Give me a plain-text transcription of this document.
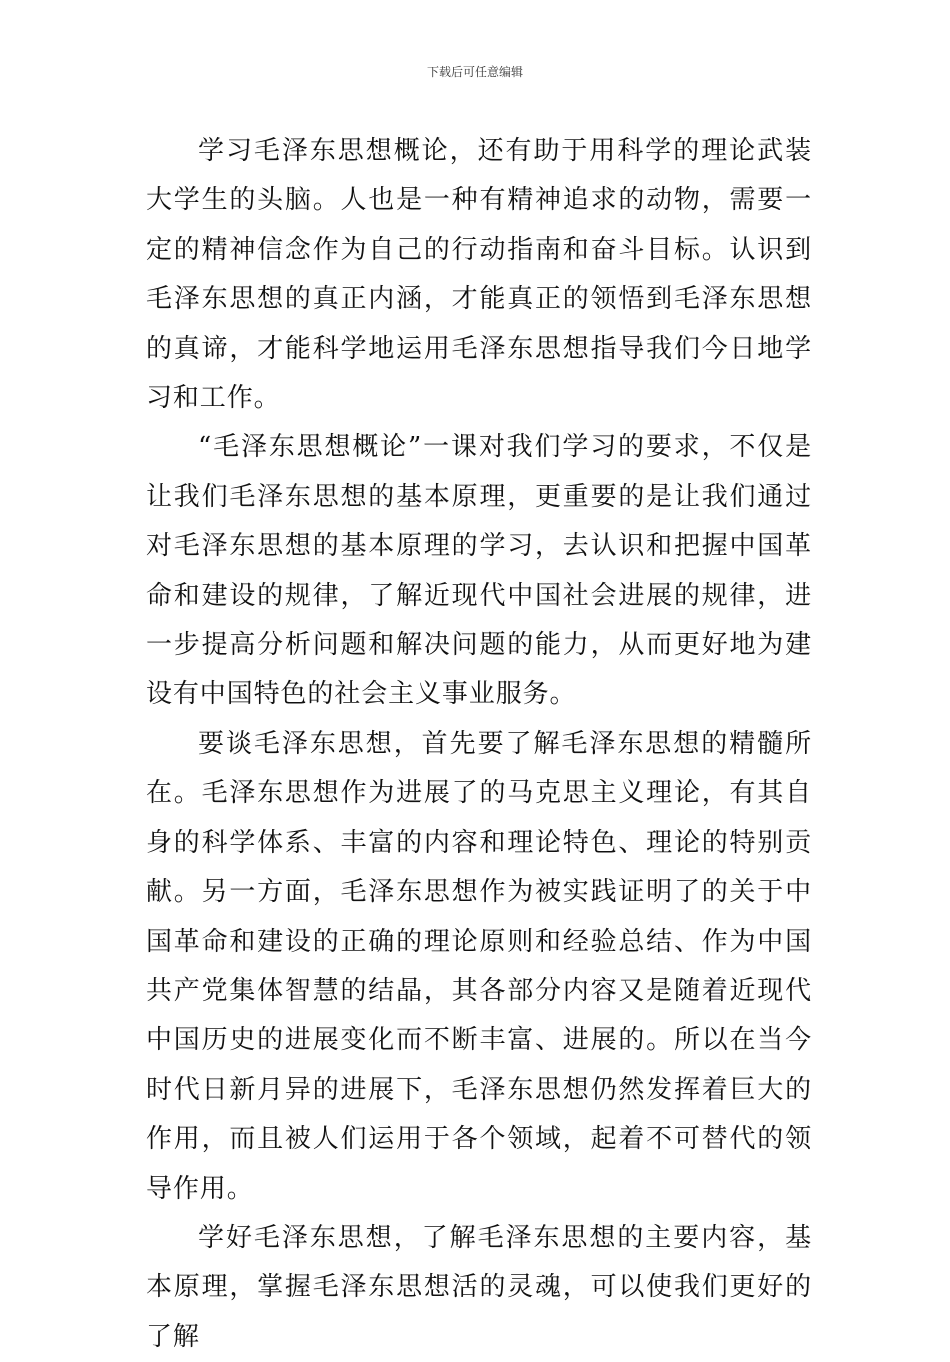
下载后可任意编辑

学习毛泽东思想概论，还有助于用科学的理论武装大学生的头脑。人也是一种有精神追求的动物，需要一定的精神信念作为自己的行动指南和奋斗目标。认识到毛泽东思想的真正内涵，才能真正的领悟到毛泽东思想的真谛，才能科学地运用毛泽东思想指导我们今日地学习和工作。

“毛泽东思想概论”一课对我们学习的要求，不仅是让我们毛泽东思想的基本原理，更重要的是让我们通过对毛泽东思想的基本原理的学习，去认识和把握中国革命和建设的规律，了解近现代中国社会进展的规律，进一步提高分析问题和解决问题的能力，从而更好地为建设有中国特色的社会主义事业服务。

要谈毛泽东思想，首先要了解毛泽东思想的精髓所在。毛泽东思想作为进展了的马克思主义理论，有其自身的科学体系、丰富的内容和理论特色、理论的特别贡献。另一方面，毛泽东思想作为被实践证明了的关于中国革命和建设的正确的理论原则和经验总结、作为中国共产党集体智慧的结晶，其各部分内容又是随着近现代中国历史的进展变化而不断丰富、进展的。所以在当今时代日新月异的进展下，毛泽东思想仍然发挥着巨大的作用，而且被人们运用于各个领域，起着不可替代的领导作用。

学好毛泽东思想，了解毛泽东思想的主要内容，基本原理，掌握毛泽东思想活的灵魂，可以使我们更好的了解
